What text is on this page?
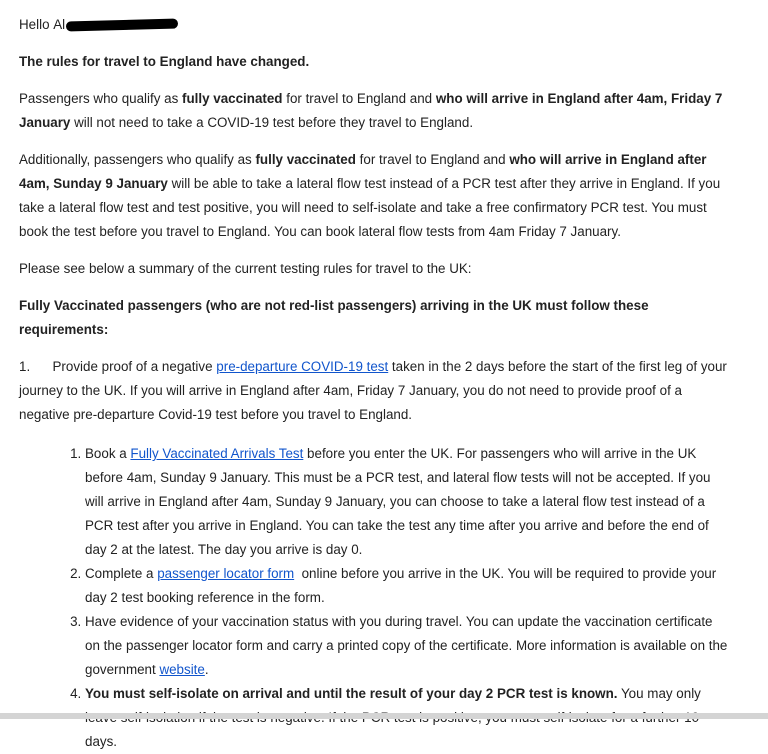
Hello
Al

The rules for travel to England have changed.

Passengers who qualify as fully vaccinated for travel to England and who will arrive in England after 4am, Friday 7 January will not need to take a COVID-19 test before they travel to England.

Additionally, passengers who qualify as fully vaccinated for travel to England and who will arrive in England after 4am, Sunday 9 January will be able to take a lateral flow test instead of a PCR test after they arrive in England. If you take a lateral flow test and test positive, you will need to self-isolate and take a free confirmatory PCR test. You must book the test before you travel to England. You can book lateral flow tests from 4am Friday 7 January.

Please see below a summary of the current testing rules for travel to the UK:

Fully Vaccinated passengers (who are not red-list passengers) arriving in the UK must follow these requirements:

1. Provide proof of a negative pre-departure COVID-19 test taken in the 2 days before the start of the first leg of your journey to the UK. If you will arrive in England after 4am, Friday 7 January, you do not need to provide proof of a negative pre-departure Covid-19 test before you travel to England.

1. Book a Fully Vaccinated Arrivals Test before you enter the UK. For passengers who will arrive in the UK before 4am, Sunday 9 January. This must be a PCR test, and lateral flow tests will not be accepted. If you will arrive in England after 4am, Sunday 9 January, you can choose to take a lateral flow test instead of a PCR test after you arrive in England. You can take the test any time after you arrive and before the end of day 2 at the latest. The day you arrive is day 0.
2. Complete a passenger locator form  online before you arrive in the UK. You will be required to provide your day 2 test booking reference in the form.
3. Have evidence of your vaccination status with you during travel. You can update the vaccination certificate on the passenger locator form and carry a printed copy of the certificate. More information is available on the government website.
4. You must self-isolate on arrival and until the result of your day 2 PCR test is known. You may only days.
